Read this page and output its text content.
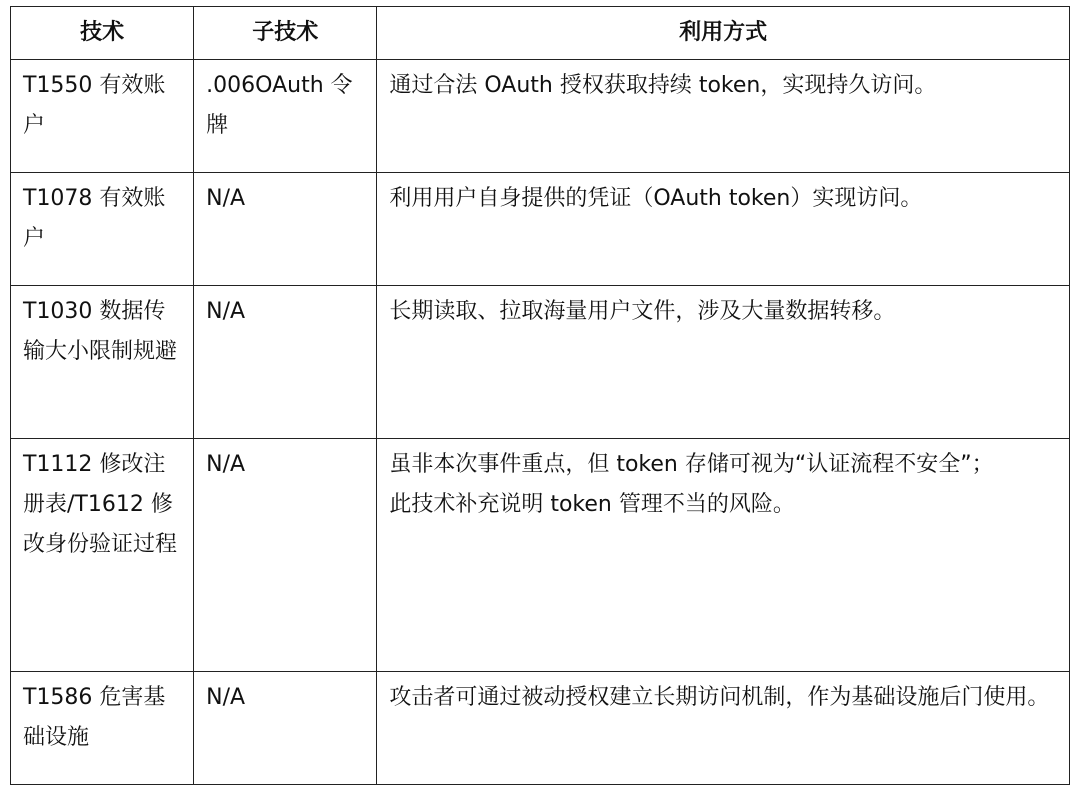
技术	子技术	利用方式
T1550 有效账户	.006OAuth 令牌	通过合法 OAuth 授权获取持续 token，实现持久访问。
T1078 有效账户	N/A	利用用户自身提供的凭证（OAuth token）实现访问。
T1030 数据传输大小限制规避	N/A	长期读取、拉取海量用户文件，涉及大量数据转移。
T1112 修改注册表/T1612 修改身份验证过程	N/A	虽非本次事件重点，但 token 存储可视为“认证流程不安全”；
此技术补充说明 token 管理不当的风险。

T1586 危害基础设施	N/A	攻击者可通过被动授权建立长期访问机制，作为基础设施后门使用。
